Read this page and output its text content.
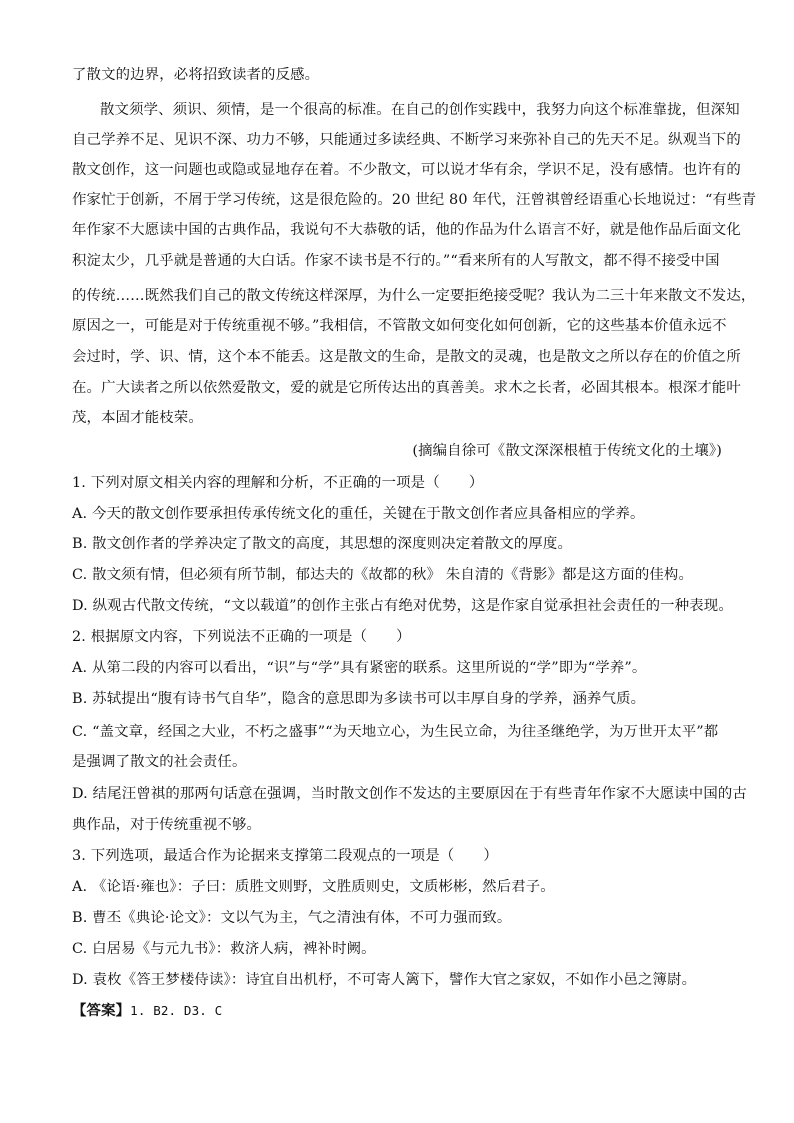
了散文的边界，必将招致读者的反感。
散文须学、须识、须情，是一个很高的标准。在自己的创作实践中，我努力向这个标准靠拢，但深知
自己学养不足、见识不深、功力不够，只能通过多读经典、不断学习来弥补自己的先天不足。纵观当下的
散文创作，这一问题也或隐或显地存在着。不少散文，可以说才华有余，学识不足，没有感情。也许有的
作家忙于创新，不屑于学习传统，这是很危险的。20 世纪 80 年代，汪曾祺曾经语重心长地说过：“有些青
年作家不大愿读中国的古典作品，我说句不大恭敬的话，他的作品为什么语言不好，就是他作品后面文化
积淀太少，几乎就是普通的大白话。作家不读书是不行的。”“看来所有的人写散文，都不得不接受中国
的传统……既然我们自己的散文传统这样深厚，为什么一定要拒绝接受呢？我认为二三十年来散文不发达，
原因之一，可能是对于传统重视不够。”我相信，不管散文如何变化如何创新，它的这些基本价值永远不
会过时，学、识、情，这个本不能丢。这是散文的生命，是散文的灵魂，也是散文之所以存在的价值之所
在。广大读者之所以依然爱散文，爱的就是它所传达出的真善美。求木之长者，必固其根本。根深才能叶
茂，本固才能枝荣。
(摘编自徐可《散文深深根植于传统文化的土壤》)
1. 下列对原文相关内容的理解和分析，不正确的一项是（　　）
A. 今天的散文创作要承担传承传统文化的重任，关键在于散文创作者应具备相应的学养。
B. 散文创作者的学养决定了散文的高度，其思想的深度则决定着散文的厚度。
C. 散文须有情，但必须有所节制，郁达夫的《故都的秋》 朱自清的《背影》都是这方面的佳构。
D. 纵观古代散文传统，“文以载道”的创作主张占有绝对优势，这是作家自觉承担社会责任的一种表现。
2. 根据原文内容，下列说法不正确的一项是（　　）
A. 从第二段的内容可以看出，“识”与“学”具有紧密的联系。这里所说的“学”即为“学养”。
B. 苏轼提出“腹有诗书气自华”，隐含的意思即为多读书可以丰厚自身的学养，涵养气质。
C. “盖文章，经国之大业，不朽之盛事”“为天地立心，为生民立命，为往圣继绝学，为万世开太平”都
是强调了散文的社会责任。
D. 结尾汪曾祺的那两句话意在强调，当时散文创作不发达的主要原因在于有些青年作家不大愿读中国的古
典作品，对于传统重视不够。
3. 下列选项，最适合作为论据来支撑第二段观点的一项是（　　）
A. 《论语·雍也》：子曰：质胜文则野，文胜质则史，文质彬彬，然后君子。
B. 曹丕《典论·论文》：文以气为主，气之清浊有体，不可力强而致。
C. 白居易《与元九书》：救济人病，裨补时阙。
D. 袁枚《答王梦楼侍读》：诗宜自出机杼，不可寄人篱下，譬作大官之家奴，不如作小邑之簿尉。
【答案】1. B2. D3. C
